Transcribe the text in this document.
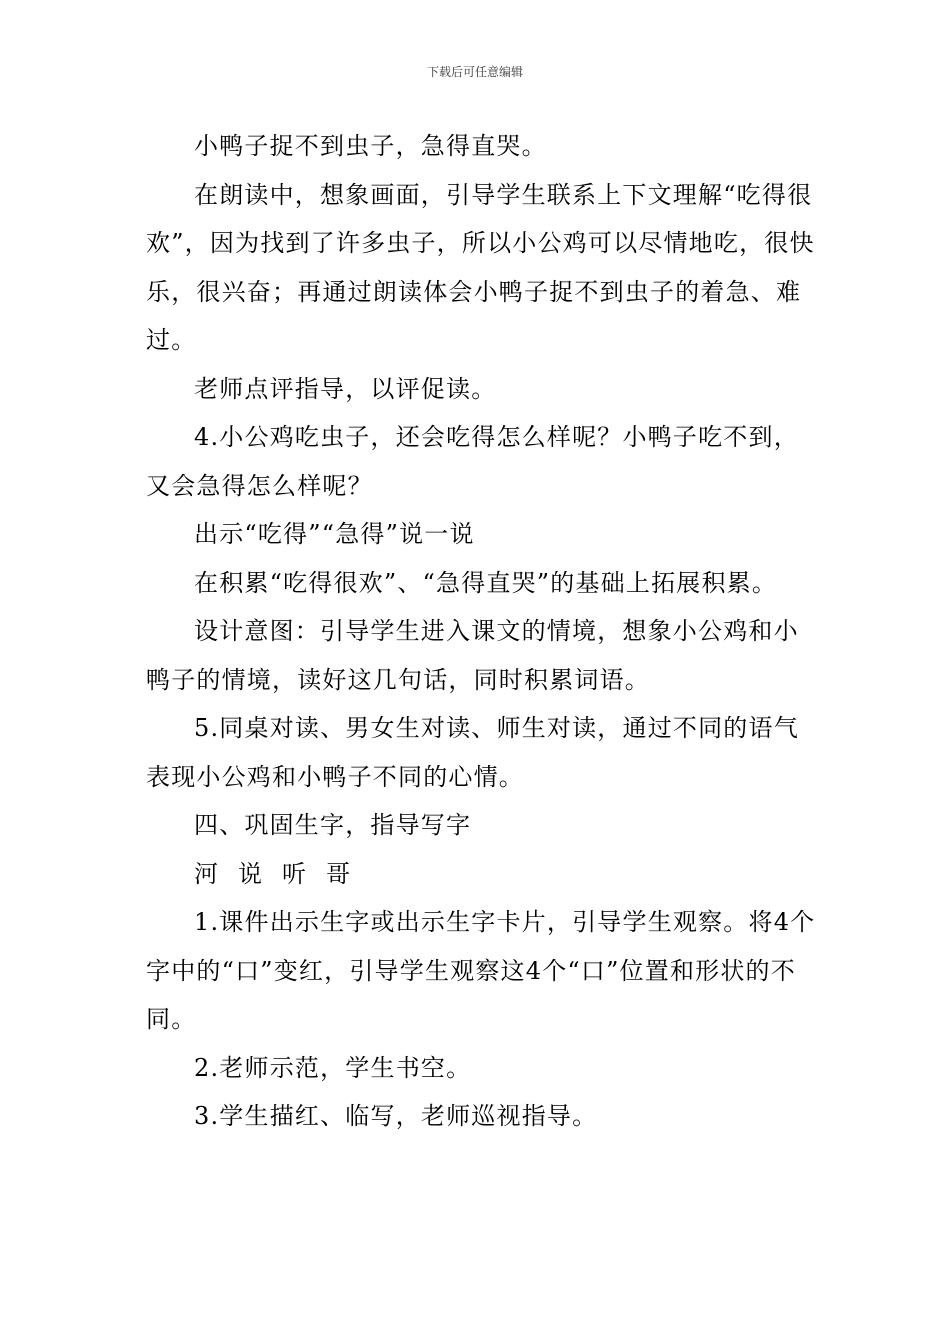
下载后可任意编辑

小鸭子捉不到虫子，急得直哭。

在朗读中，想象画面，引导学生联系上下文理解“吃得很欢”，因为找到了许多虫子，所以小公鸡可以尽情地吃，很快乐，很兴奋；再通过朗读体会小鸭子捉不到虫子的着急、难过。

老师点评指导，以评促读。

4.小公鸡吃虫子，还会吃得怎么样呢？小鸭子吃不到，又会急得怎么样呢？

出示“吃得”“急得”说一说

在积累“吃得很欢”、“急得直哭”的基础上拓展积累。

设计意图：引导学生进入课文的情境，想象小公鸡和小鸭子的情境，读好这几句话，同时积累词语。

5.同桌对读、男女生对读、师生对读，通过不同的语气表现小公鸡和小鸭子不同的心情。

四、巩固生字，指导写字

河 说 听 哥

1.课件出示生字或出示生字卡片，引导学生观察。将4个字中的“口”变红，引导学生观察这4个“口”位置和形状的不同。

2.老师示范，学生书空。

3.学生描红、临写，老师巡视指导。
